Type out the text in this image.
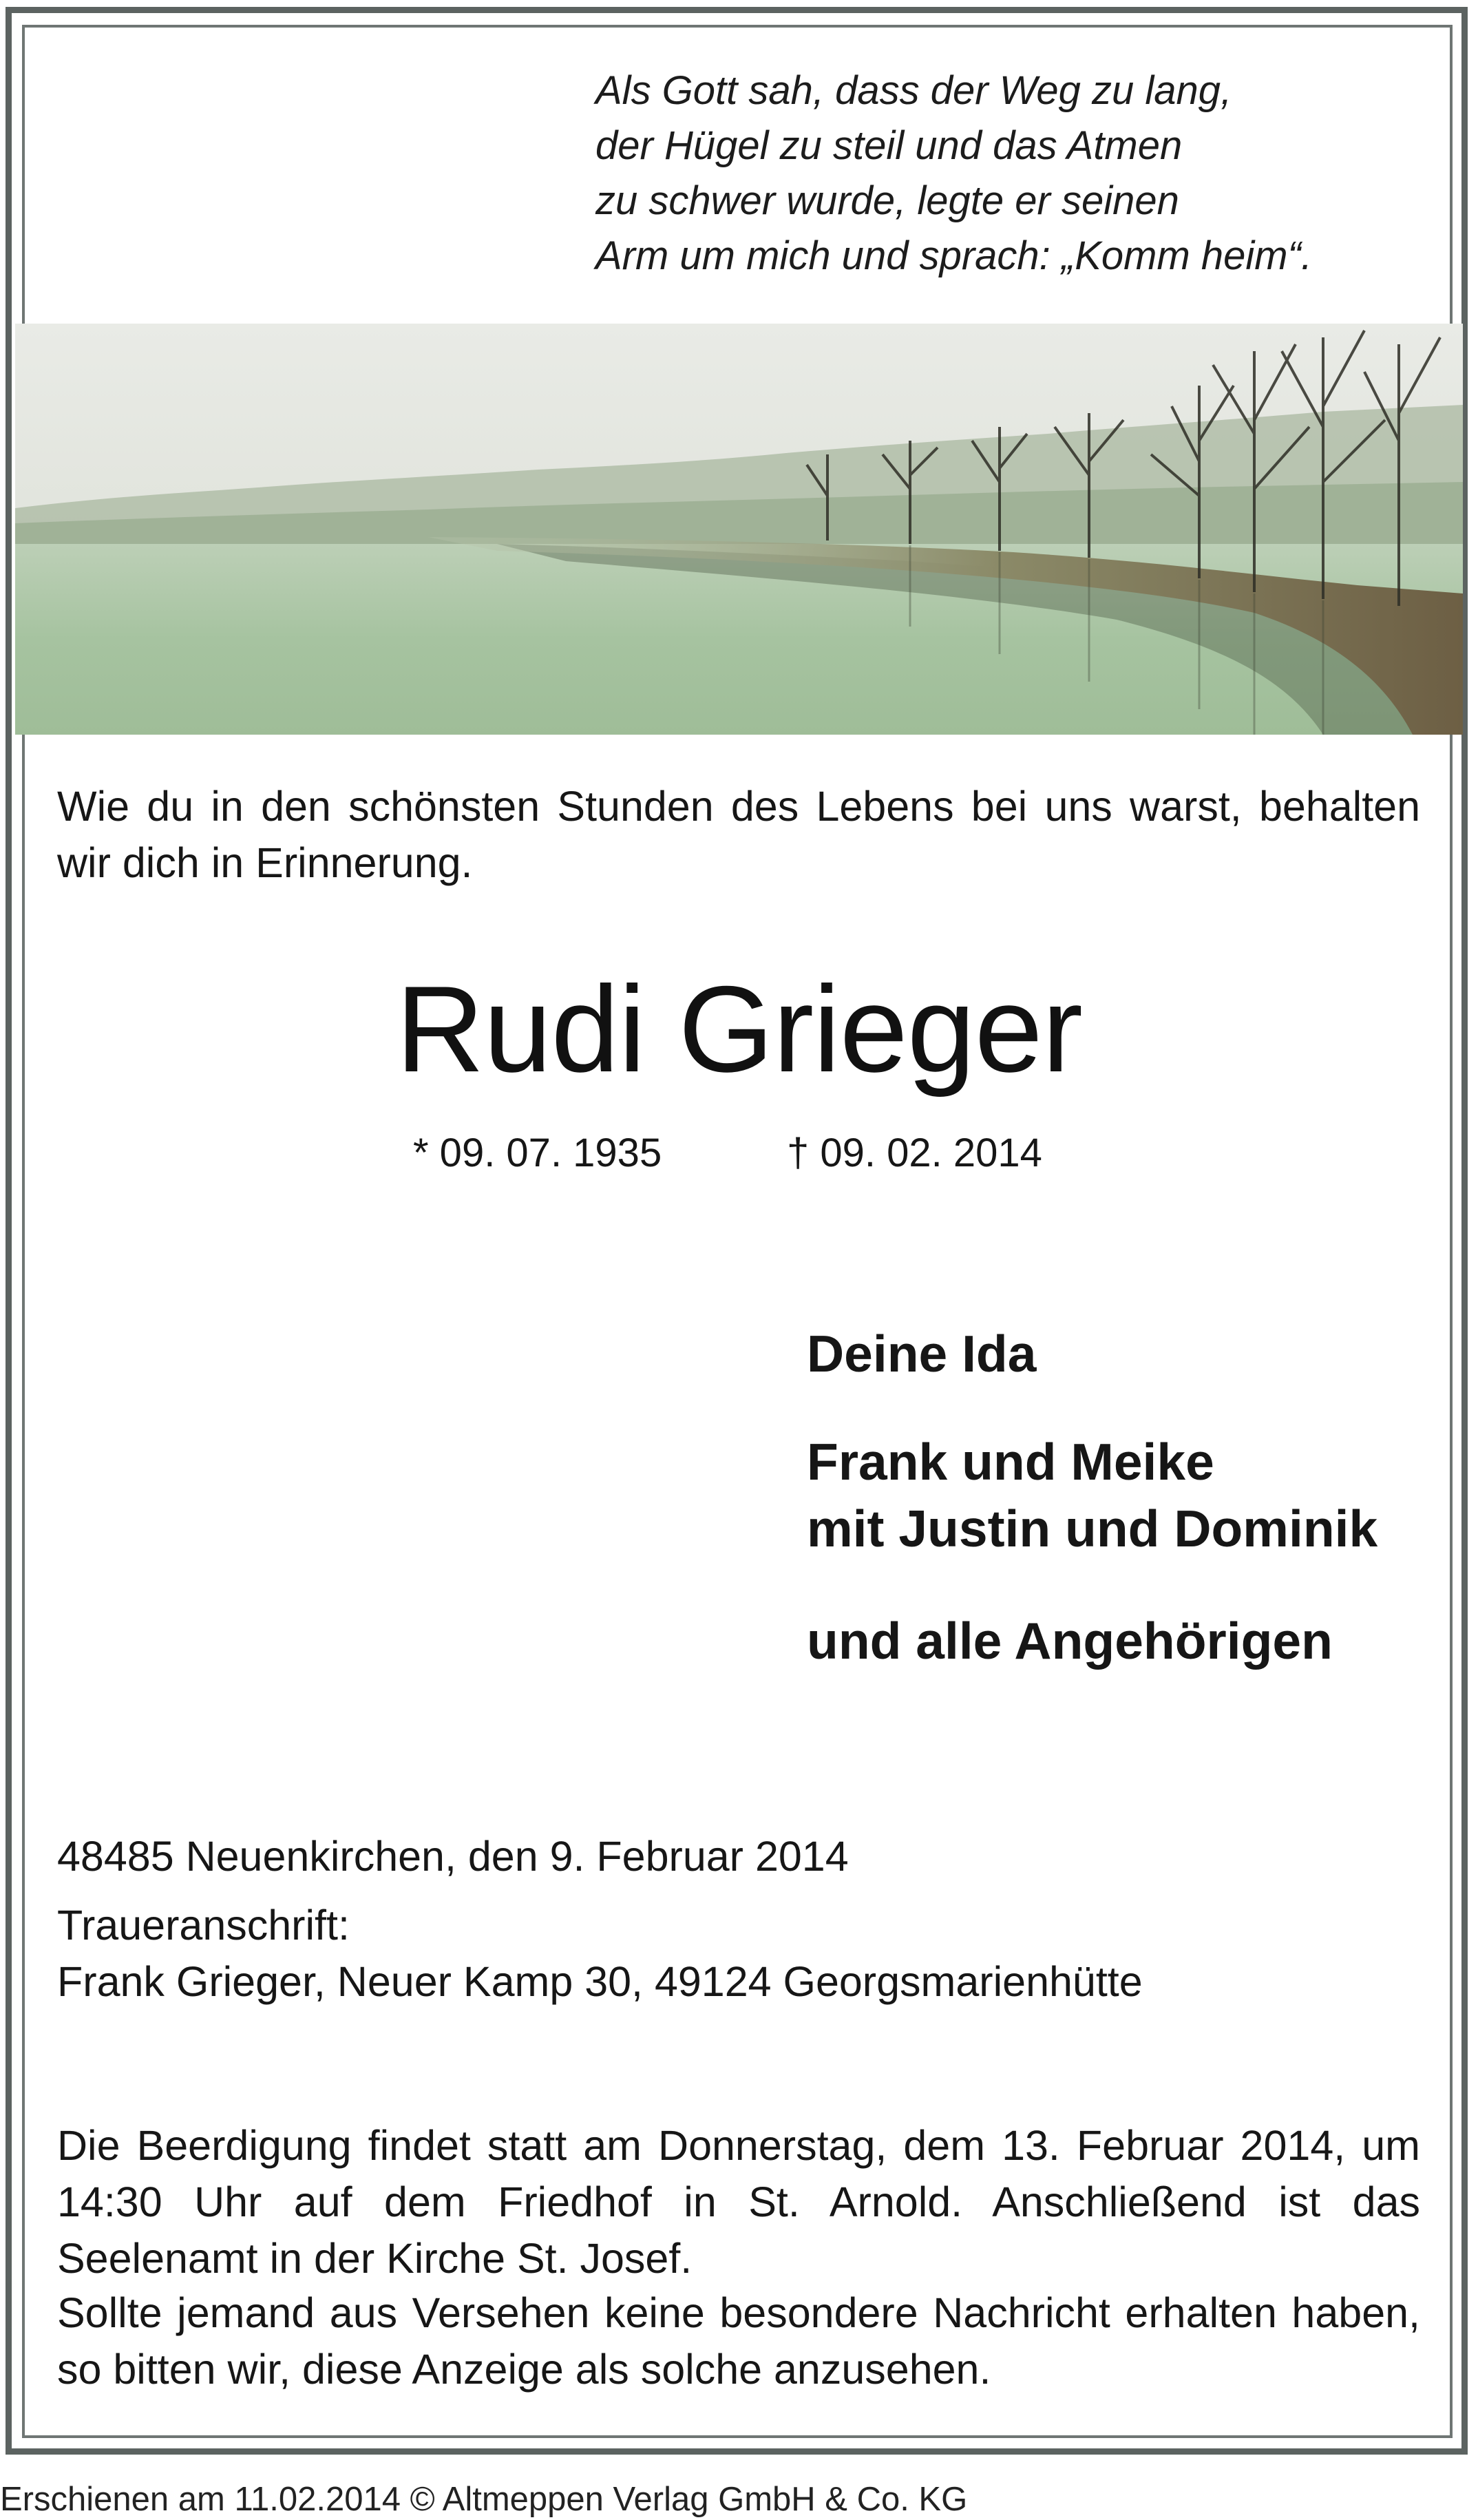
Als Gott sah, dass der Weg zu lang,
der Hügel zu steil und das Atmen
zu schwer wurde, legte er seinen
Arm um mich und sprach: „Komm heim“.
Wie du in den schönsten Stunden des Lebens bei uns warst, behalten wir dich in Erinnerung.
Rudi Grieger
* 09. 07. 1935	† 09. 02. 2014
Deine Ida
Frank und Meike
mit Justin und Dominik
und alle Angehörigen
48485 Neuenkirchen, den 9. Februar 2014
Traueranschrift:
Frank Grieger, Neuer Kamp 30, 49124 Georgsmarienhütte
Die Beerdigung findet statt am Donnerstag, dem 13. Februar 2014, um 14:30 Uhr auf dem Friedhof in St. Arnold. Anschließend ist das Seelenamt in der Kirche St. Josef.
Sollte jemand aus Versehen keine besondere Nachricht erhalten haben, so bitten wir, diese Anzeige als solche anzusehen.
Erschienen am 11.02.2014 © Altmeppen Verlag GmbH & Co. KG
